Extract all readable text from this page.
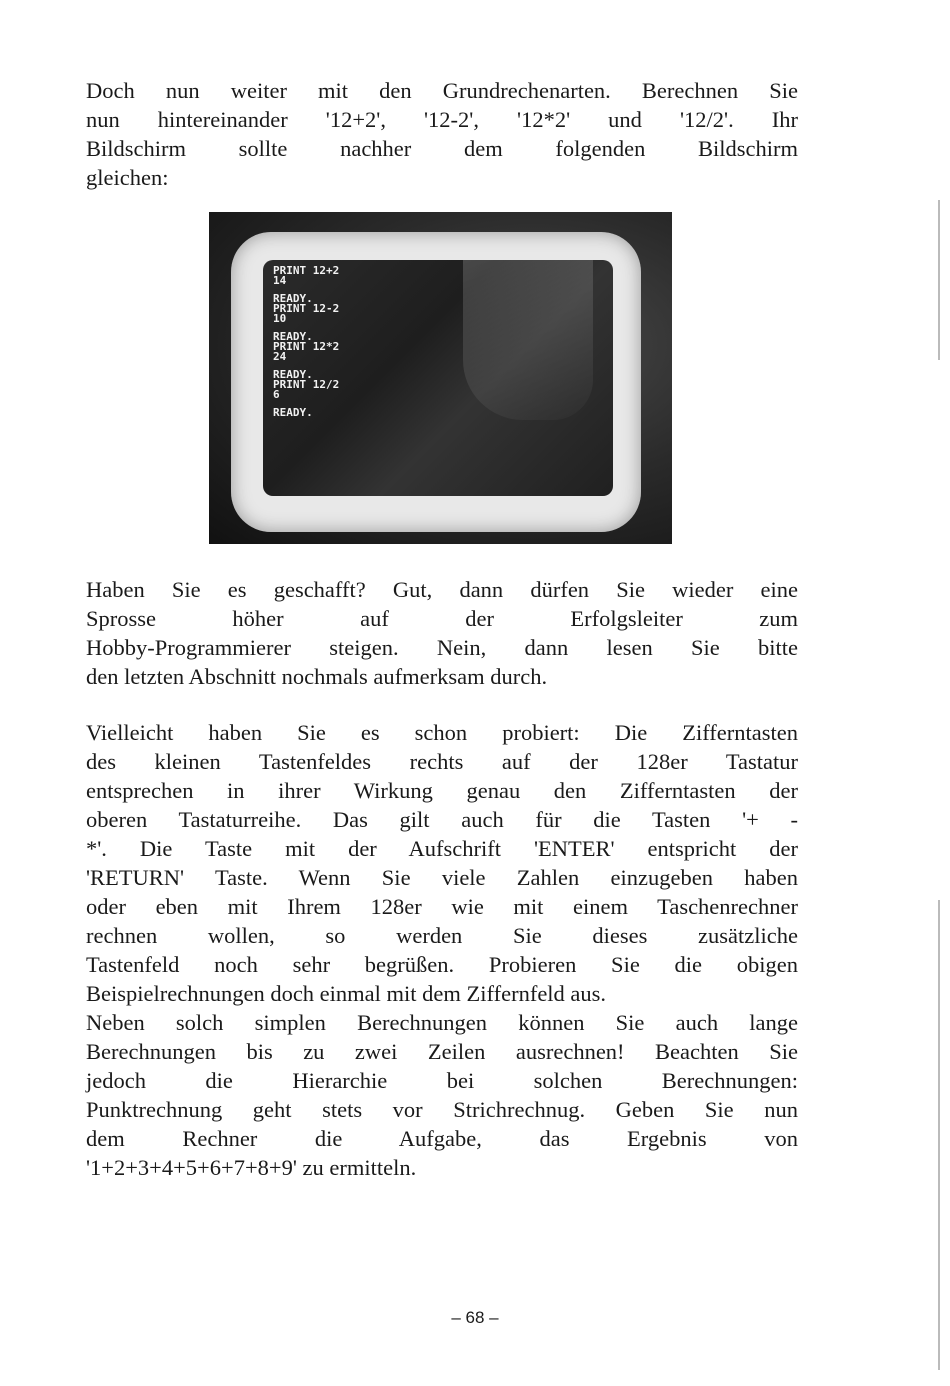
Doch nun weiter mit den Grundrechenarten. Berechnen Sie
nun hintereinander '12+2', '12-2', '12*2' und '12/2'. Ihr
Bildschirm sollte nachher dem folgenden Bildschirm
gleichen:
PRINT 12+2
14
READY.
PRINT 12-2
10
READY.
PRINT 12*2
24
READY.
PRINT 12/2
6
READY.
Haben Sie es geschafft? Gut, dann dürfen Sie wieder eine
Sprosse höher auf der Erfolgsleiter zum
Hobby-Programmierer steigen. Nein, dann lesen Sie bitte
den letzten Abschnitt nochmals aufmerksam durch.
Vielleicht haben Sie es schon probiert: Die Zifferntasten
des kleinen Tastenfeldes rechts auf der 128er Tastatur
entsprechen in ihrer Wirkung genau den Zifferntasten der
oberen Tastaturreihe. Das gilt auch für die Tasten '+ -
*'. Die Taste mit der Aufschrift 'ENTER' entspricht der
'RETURN' Taste. Wenn Sie viele Zahlen einzugeben haben
oder eben mit Ihrem 128er wie mit einem Taschenrechner
rechnen wollen, so werden Sie dieses zusätzliche
Tastenfeld noch sehr begrüßen. Probieren Sie die obigen
Beispielrechnungen doch einmal mit dem Ziffernfeld aus.
Neben solch simplen Berechnungen können Sie auch lange
Berechnungen bis zu zwei Zeilen ausrechnen! Beachten Sie
jedoch die Hierarchie bei solchen Berechnungen:
Punktrechnung geht stets vor Strichrechnug. Geben Sie nun
dem Rechner die Aufgabe, das Ergebnis von
'1+2+3+4+5+6+7+8+9' zu ermitteln.
– 68 –
